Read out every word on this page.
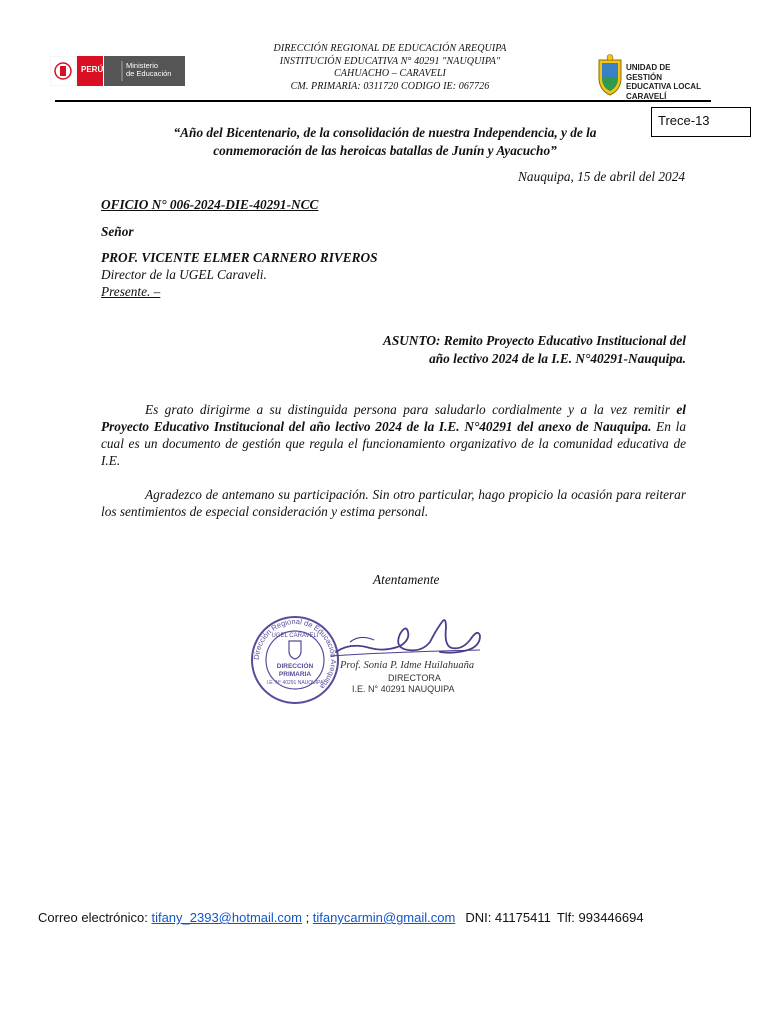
PERÚ	Ministerio
de Educación
DIRECCIÓN REGIONAL DE EDUCACIÓN AREQUIPA
INSTITUCIÓN EDUCATIVA N° 40291 "NAUQUIPA"
CAHUACHO – CARAVELI
CM. PRIMARIA: 0311720 CODIGO IE: 067726
UNIDAD DE GESTIÓN
EDUCATIVA LOCAL
CARAVELÍ
Trece-13
“Año del Bicentenario, de la consolidación de nuestra Independencia, y de la
conmemoración de las heroicas batallas de Junín y Ayacucho”
Nauquipa, 15 de abril del 2024
OFICIO N° 006-2024-DIE-40291-NCC
Señor
PROF. VICENTE ELMER CARNERO RIVEROS
Director de la UGEL Caraveli.
Presente. –
ASUNTO: Remito Proyecto Educativo Institucional del
año lectivo 2024 de la I.E. N°40291-Nauquipa.
Es grato dirigirme a su distinguida persona para saludarlo cordialmente y a la vez remitir el Proyecto Educativo Institucional del año lectivo 2024 de la I.E. N°40291 del anexo de Nauquipa. En la cual es un documento de gestión que regula el funcionamiento organizativo de la comunidad educativa de I.E.
Agradezco de antemano su participación. Sin otro particular, hago propicio la ocasión para reiterar los sentimientos de especial consideración y estima personal.
Atentamente
Dirección Regional de Educación Arequipa
UGEL CARAVELI
DIRECCIÓN
PRIMARIA
I.E. N° 40291 NAUQUIPA
Prof. Sonia P. Idme Huilahuaña
DIRECTORA
I.E. N° 40291 NAUQUIPA
Correo electrónico: tifany_2393@hotmail.com ; tifanycarmin@gmail.com DNI: 41175411 Tlf: 993446694
